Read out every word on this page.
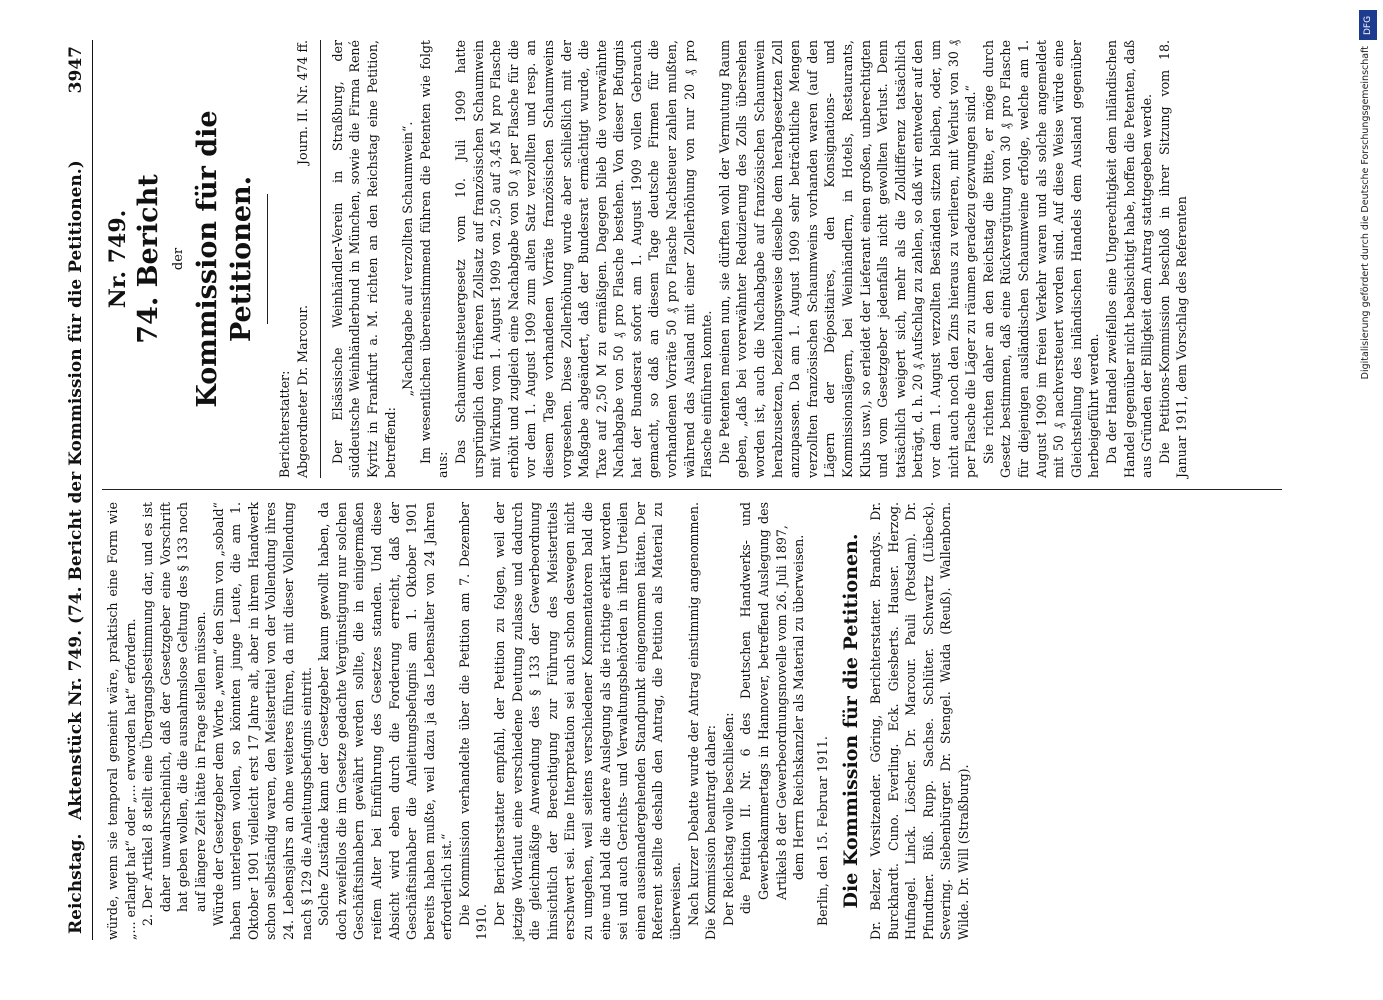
Reichstag.
Aktenstück Nr. 749. (74. Bericht der Kommission für die Petitionen.)
3947

würde, wenn sie temporal gemeint wäre, praktisch eine Form wie „... erlangt hat“ oder „... erworden hat“ erfordern. 2. Der Artikel 8 stellt eine Übergangsbestimmung dar, und es ist daher unwahrscheinlich, daß der Gesetzgeber eine Vorschrift hat geben wollen, die die ausnahmslose Geltung des § 133 noch auf längere Zeit hätte in Frage stellen müssen. Würde der Gesetzgeber dem Worte „wenn“ den Sinn von „sobald“ haben unterlegen wollen, so könnten junge Leute, die am 1. Oktober 1901 vielleicht erst 17 Jahre alt, aber in ihrem Handwerk schon selbständig waren, den Meistertitel von der Vollendung ihres 24. Lebensjahrs an ohne weiteres führen, da mit dieser Vollendung nach § 129 die Anleitungsbefugnis eintritt. Solche Zustände kann der Gesetzgeber kaum gewollt haben, da doch zweifellos die im Gesetze gedachte Vergünstigung nur solchen Geschäftsinhabern gewährt werden sollte, die in einigermaßen reifem Alter bei Einführung des Gesetzes standen. Und diese Absicht wird eben durch die Forderung erreicht, daß der Geschäftsinhaber die Anleitungsbefugnis am 1. Oktober 1901 bereits haben mußte, weil dazu ja das Lebensalter von 24 Jahren erforderlich ist.“ Die Kommission verhandelte über die Petition am 7. Dezember 1910. Der Berichterstatter empfahl, der Petition zu folgen, weil der jetzige Wortlaut eine verschiedene Deutung zulasse und dadurch die gleichmäßige Anwendung des § 133 der Gewerbeordnung hinsichtlich der Berechtigung zur Führung des Meistertitels erschwert sei. Eine Interpretation sei auch schon deswegen nicht zu umgehen, weil seitens verschiedener Kommentatoren bald die eine und bald die andere Auslegung als die richtige erklärt worden sei und auch Gerichts- und Verwaltungsbehörden in ihren Urteilen einen auseinandergehenden Standpunkt eingenommen hätten. Der Referent stellte deshalb den Antrag, die Petition als Material zu überweisen. Nach kurzer Debatte wurde der Antrag einstimmig angenommen. Die Kommission beantragt daher: Der Reichstag wolle beschließen: die Petition II. Nr. 6 des Deutschen Handwerks- und Gewerbekammertags in Hannover, betreffend Auslegung des Artikels 8 der Gewerbeordnungsnovelle vom 26. Juli 1897, dem Herrn Reichskanzler als Material zu überweisen. Berlin, den 15. Februar 1911. Die Kommission für die Petitionen. Dr. Belzer, Vorsitzender. Göring, Berichterstatter. Brandys. Dr. Burckhardt. Cuno. Everling. Eck. Giesberts. Hauser. Herzog. Hufnagel. Linck. Löscher. Dr. Marcour. Pauli (Potsdam). Dr. Pfundtner. Büß. Rupp. Sachse. Schlüter. Schwartz (Lübeck). Severing. Siebenbürger. Dr. Stengel. Waida (Reuß). Wallenborn. Wilde. Dr. Will (Straßburg).

Nr. 749. 74. Bericht der Kommission für die Petitionen.

Berichterstatter: Abgeordneter Dr. Marcour.
Journ. II. Nr. 474 ff. Der Elsässische Weinhändler-Verein in Straßburg, der süddeutsche Weinhändlerbund in München, sowie die Firma René Kyritz in Frankfurt a. M. richten an den Reichstag eine Petition, betreffend:

„Nachabgabe auf verzollten Schaumwein“. Im wesentlichen übereinstimmend führen die Petenten wie folgt aus:

Das Schaumweinsteuergesetz vom 10. Juli 1909 hatte ursprünglich den früheren Zollsatz auf französischen Schaumwein mit Wirkung vom 1. August 1909 von 2,50 auf 3,45 M pro Flasche erhöht und zugleich eine Nachabgabe von 50 ₰ per Flasche für die vor dem 1. August 1909 zum alten Satz verzollten und resp. an diesem Tage vorhandenen Vorräte französischen Schaumweins vorgesehen. Diese Zollerhöhung wurde aber schließlich mit der Maßgabe abgeändert, daß der Bundesrat ermächtigt wurde, die Taxe auf 2,50 M zu ermäßigen. Dagegen blieb die vorerwähnte Nachabgabe von 50 ₰ pro Flasche bestehen. Von dieser Befugnis hat der Bundesrat sofort am 1. August 1909 vollen Gebrauch gemacht, so daß an diesem Tage deutsche Firmen für die vorhandenen Vorräte 50 ₰ pro Flasche Nachsteuer zahlen mußten, während das Ausland mit einer Zollerhöhung von nur 20 ₰ pro Flasche einführen konnte. Die Petenten meinen nun, sie dürften wohl der Vermutung Raum geben, „daß bei vorerwähnter Reduzierung des Zolls übersehen worden ist, auch die Nachabgabe auf französischen Schaumwein herabzusetzen, beziehungsweise dieselbe dem herabgesetzten Zoll anzupassen. Da am 1. August 1909 sehr beträchtliche Mengen verzollten französischen Schaumweins vorhanden waren (auf den Lägern der Dépositaires, den Konsignations- und Kommissionslägern, bei Weinhändlern, in Hotels, Restaurants, Klubs usw.), so erleidet der Lieferant einen großen, unberechtigten und vom Gesetzgeber jedenfalls nicht gewollten Verlust. Denn tatsächlich weigert sich, mehr als die Zolldifferenz tatsächlich beträgt, d. h. 20 ₰ Aufschlag zu zahlen, so daß wir entweder auf den vor dem 1. August verzollten Beständen sitzen bleiben, oder, um nicht auch noch den Zins hieraus zu verlieren, mit Verlust von 30 ₰ per Flasche die Läger zu räumen geradezu gezwungen sind.“ Sie richten daher an den Reichstag die Bitte, er möge durch Gesetz bestimmen, daß eine Rückvergütung von 30 ₰ pro Flasche für diejenigen ausländischen Schaumweine erfolge, welche am 1. August 1909 im freien Verkehr waren und als solche angemeldet mit 50 ₰ nachversteuert worden sind. Auf diese Weise würde eine Gleichstellung des inländischen Handels dem Ausland gegenüber herbeigeführt werden. Da der Handel zweifellos eine Ungerechtigkeit dem inländischen Handel gegenüber nicht beabsichtigt habe, hoffen die Petenten, daß aus Gründen der Billigkeit dem Antrag stattgegeben werde. Die Petitions-Kommission beschloß in ihrer Sitzung vom 18. Januar 1911, dem Vorschlag des Referenten

DFG
Digitalisierung gefördert durch die Deutsche Forschungsgemeinschaft
